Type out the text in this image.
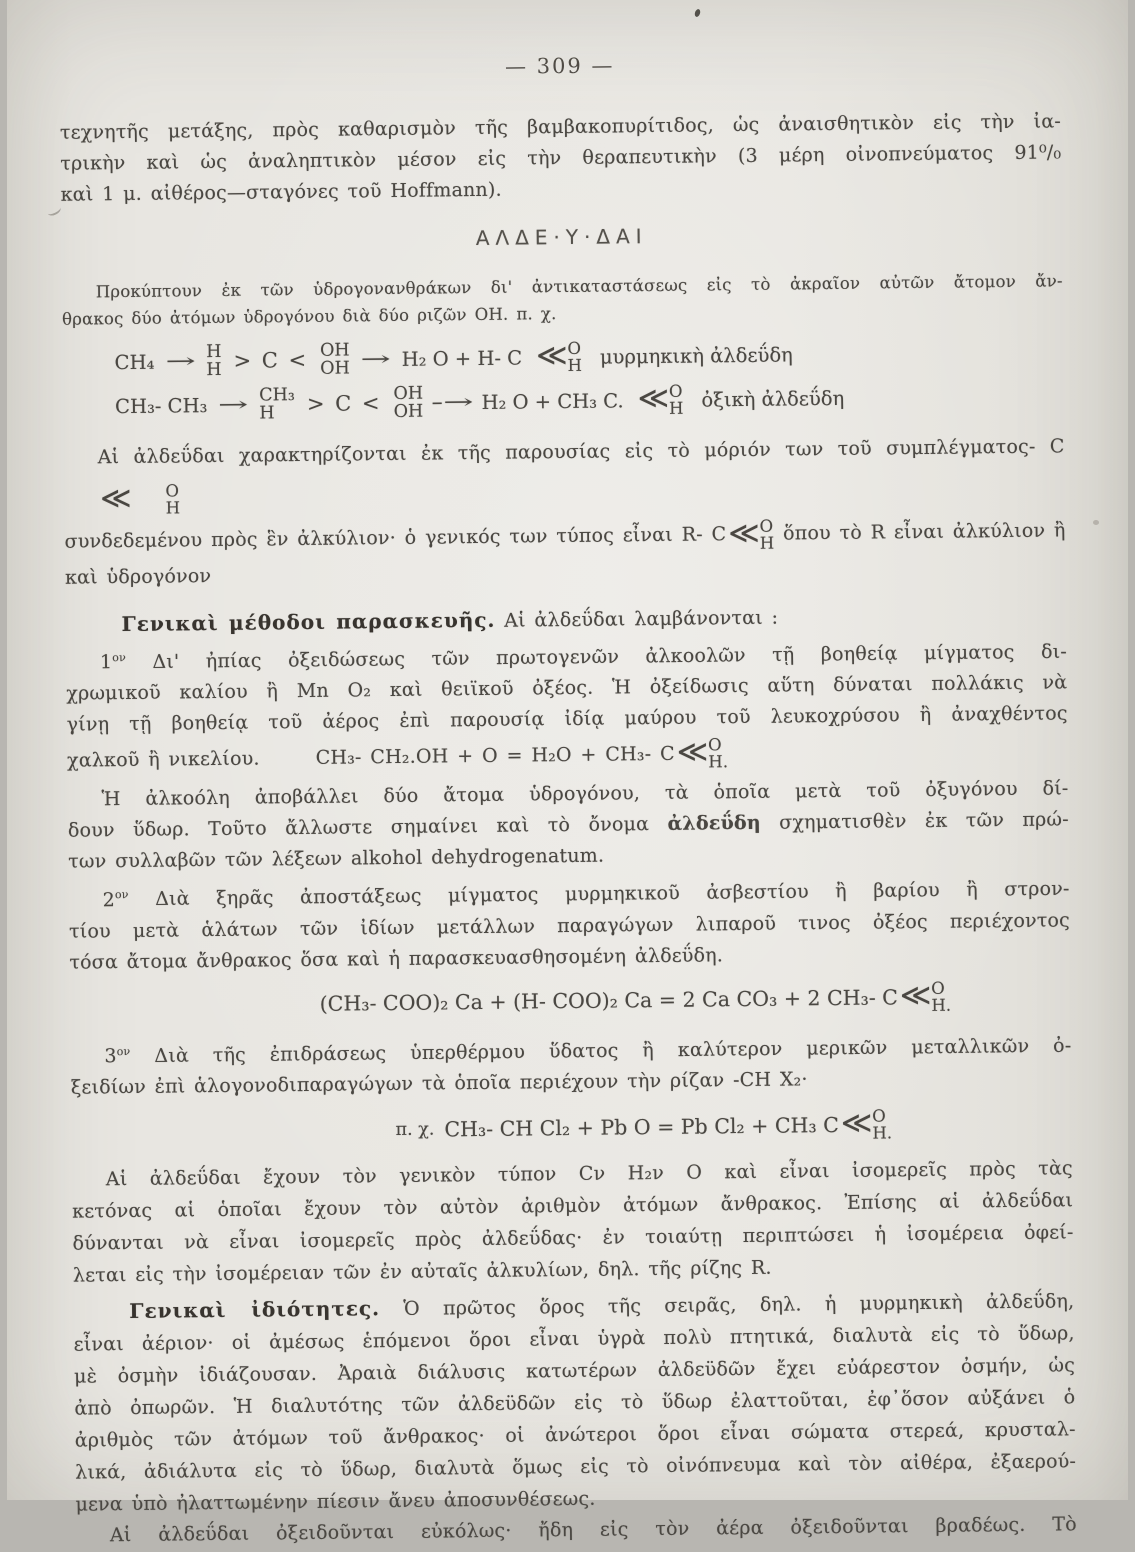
— 309 —
τεχνητῆς μετάξης, πρὸς καθαρισμὸν τῆς βαμβακοπυρίτιδος, ὡς ἀναισθητικὸν εἰς τὴν ἰα-
τρικὴν καὶ ὡς ἀναληπτικὸν μέσον εἰς τὴν θεραπευτικὴν (3 μέρη οἰνοπνεύματος 91⁰/₀
καὶ 1 μ. αἰθέρος—σταγόνες τοῦ Hoffmann).
ΑΛΔΕ·Υ·ΔΑΙ
Προκύπτουν ἐκ τῶν ὑδρογονανθράκων δι' ἀντικαταστάσεως εἰς τὸ ἀκραῖον αὐτῶν ἄτομον ἄν-
θρακος δύο ἀτόμων ὑδρογόνου διὰ δύο ριζῶν ΟΗ. π. χ.
CH₄ → H
H > C < OH
OH → H₂ O + H- C ≪ O
H μυρμηκικὴ ἀλδεΰδη
CH₃- CH₃ → CH₃
H	> C < OH
OH -→ H₂ O + CH₃ C. ≪ O
H ὀξικὴ ἀλδεΰδη
Αἱ ἀλδεΰδαι χαρακτηρίζονται ἐκ τῆς παρουσίας εἰς τὸ μόριόν των τοῦ συμπλέγματος- C
≪	O
H
συνδεδεμένου πρὸς ἓν ἀλκύλιον· ὁ γενικός των τύπος εἶναι R- C ≪ O
H ὅπου τὸ R εἶναι ἀλκύλιον ἢ
καὶ ὑδρογόνον
Γενικαὶ μέθοδοι παρασκευῆς. Αἱ ἀλδεΰδαι λαμβάνονται :
$1^{o\nu}$ Δι' ἠπίας ὀξειδώσεως τῶν πρωτογενῶν ἀλκοολῶν τῇ βοηθείᾳ μίγματος δι-
χρωμικοῦ καλίου ἢ Mn O₂ καὶ θειϊκοῦ ὀξέος. Ἡ ὀξείδωσις αὕτη δύναται πολλάκις νὰ
γίνῃ τῇ βοηθείᾳ τοῦ ἀέρος ἐπὶ παρουσίᾳ ἰδίᾳ μαύρου τοῦ λευκοχρύσου ἢ ἀναχθέντος
χαλκοῦ ἢ νικελίου.	CH₃- CH₂.OH + O = H₂O + CH₃- C ≪ O
H.
Ἡ ἀλκοόλη ἀποβάλλει δύο ἄτομα ὑδρογόνου, τὰ ὁποῖα μετὰ τοῦ ὀξυγόνου δί-
δουν ὕδωρ. Τοῦτο ἄλλωστε σημαίνει καὶ τὸ ὄνομα ἀλδεΰδη σχηματισθὲν ἐκ τῶν πρώ-
των συλλαβῶν τῶν λέξεων alkohol dehydrogenatum.
$2^{o\nu}$ Διὰ ξηρᾶς ἀποστάξεως μίγματος μυρμηκικοῦ ἀσβεστίου ἢ βαρίου ἢ στρον-
τίου μετὰ ἁλάτων τῶν ἰδίων μετάλλων παραγώγων λιπαροῦ τινος ὀξέος περιέχοντος
τόσα ἄτομα ἄνθρακος ὅσα καὶ ἡ παρασκευασθησομένη ἀλδεΰδη.
(CH₃- COO)₂ Ca + (H- COO)₂ Ca = 2 Ca CO₃ + 2 CH₃- C ≪ O
H.
$3^{o\nu}$ Διὰ τῆς ἐπιδράσεως ὑπερθέρμου ὕδατος ἢ καλύτερον μερικῶν μεταλλικῶν ὀ-
ξειδίων ἐπὶ ἁλογονοδιπαραγώγων τὰ ὁποῖα περιέχουν τὴν ρίζαν -CH X₂·
π. χ. CH₃- CH Cl₂ + Pb O = Pb Cl₂ + CH₃ C ≪ O
H.
Αἱ ἀλδεΰδαι ἔχουν τὸν γενικὸν τύπον Cν H₂ν O καὶ εἶναι ἰσομερεῖς πρὸς τὰς
κετόνας αἱ ὁποῖαι ἔχουν τὸν αὐτὸν ἀριθμὸν ἀτόμων ἄνθρακος. Ἐπίσης αἱ ἀλδεΰδαι
δύνανται νὰ εἶναι ἰσομερεῖς πρὸς ἀλδεΰδας· ἐν τοιαύτῃ περιπτώσει ἡ ἰσομέρεια ὀφεί-
λεται εἰς τὴν ἰσομέρειαν τῶν ἐν αὐταῖς ἀλκυλίων, δηλ. τῆς ρίζης R.
Γενικαὶ ἰδιότητες. Ὁ πρῶτος ὅρος τῆς σειρᾶς, δηλ. ἡ μυρμηκικὴ ἀλδεΰδη,
εἶναι ἀέριον· οἱ ἀμέσως ἑπόμενοι ὅροι εἶναι ὑγρὰ πολὺ πτητικά, διαλυτὰ εἰς τὸ ὕδωρ,
μὲ ὀσμὴν ἰδιάζουσαν. Ἀραιὰ διάλυσις κατωτέρων ἀλδεϋδῶν ἔχει εὐάρεστον ὀσμήν, ὡς
ἀπὸ ὀπωρῶν. Ἡ διαλυτότης τῶν ἀλδεϋδῶν εἰς τὸ ὕδωρ ἐλαττοῦται, ἐφ᾽ὅσον αὐξάνει ὁ
ἀριθμὸς τῶν ἀτόμων τοῦ ἄνθρακος· οἱ ἀνώτεροι ὅροι εἶναι σώματα στερεά, κρυσταλ-
λικά, ἀδιάλυτα εἰς τὸ ὕδωρ, διαλυτὰ ὅμως εἰς τὸ οἰνόπνευμα καὶ τὸν αἰθέρα, ἐξαερού-
μενα ὑπὸ ἠλαττωμένην πίεσιν ἄνευ ἀποσυνθέσεως.
Αἱ ἀλδεΰδαι ὀξειδοῦνται εὐκόλως· ἤδη εἰς τὸν ἀέρα ὀξειδοῦνται βραδέως. Τὸ
